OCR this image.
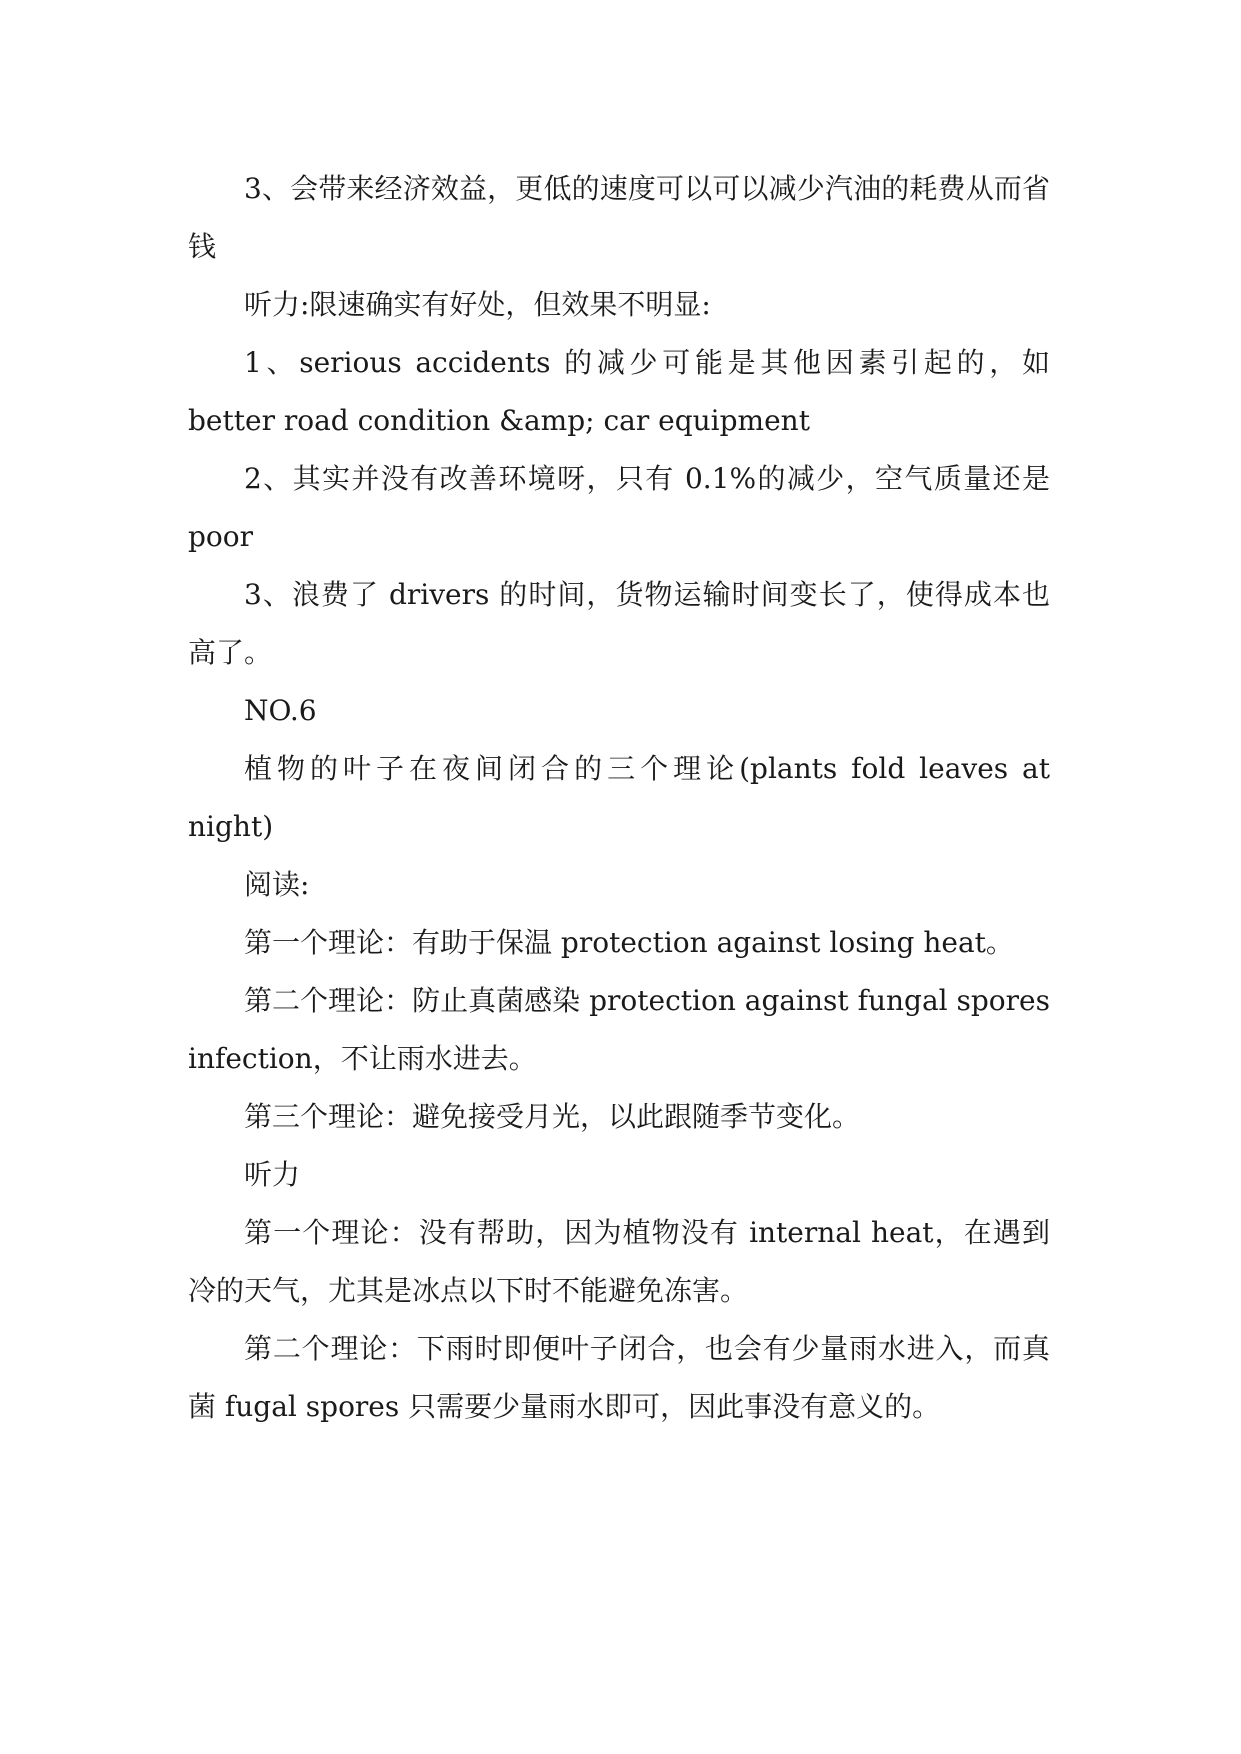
3、会带来经济效益，更低的速度可以可以减少汽油的耗费从而省钱

听力:限速确实有好处，但效果不明显:

1、serious accidents 的减少可能是其他因素引起的，如 better road condition &amp; car equipment

2、其实并没有改善环境呀，只有 0.1%的减少，空气质量还是 poor

3、浪费了 drivers 的时间，货物运输时间变长了，使得成本也高了。

NO.6

植物的叶子在夜间闭合的三个理论(plants fold leaves at night)

阅读:

第一个理论：有助于保温 protection against losing heat。

第二个理论：防止真菌感染 protection against fungal spores infection，不让雨水进去。

第三个理论：避免接受月光，以此跟随季节变化。

听力

第一个理论：没有帮助，因为植物没有 internal heat，在遇到冷的天气，尤其是冰点以下时不能避免冻害。

第二个理论：下雨时即便叶子闭合，也会有少量雨水进入，而真菌 fugal spores 只需要少量雨水即可，因此事没有意义的。
